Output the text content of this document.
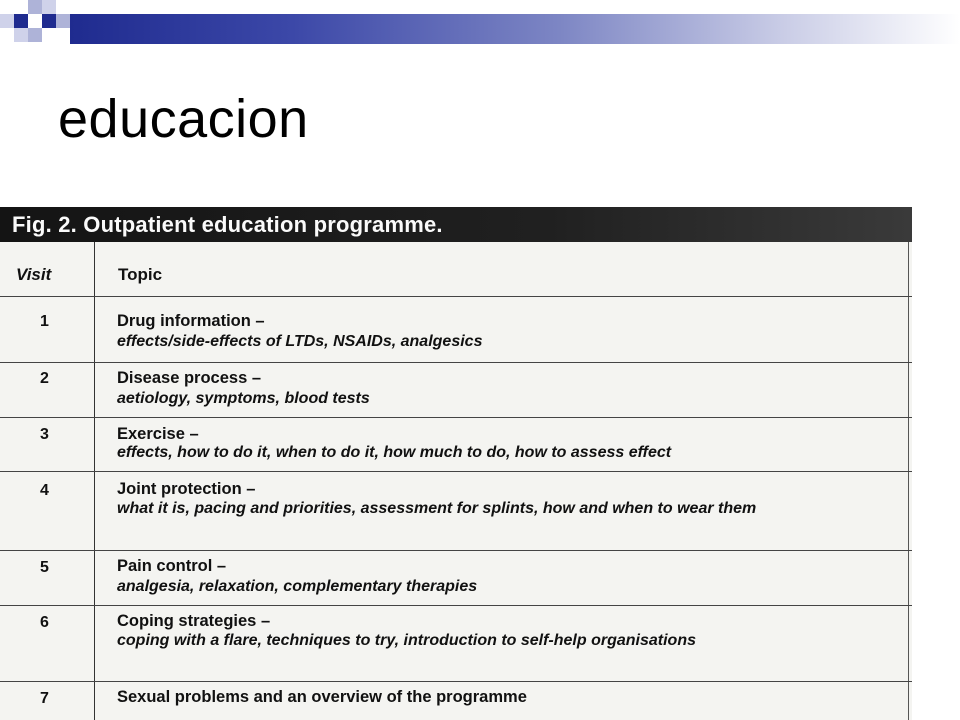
educacion
Fig. 2. Outpatient education programme.
Visit	Topic
1	Drug information –
effects/side-effects of LTDs, NSAIDs, analgesics
2	Disease process –
aetiology, symptoms, blood tests
3	Exercise –
effects, how to do it, when to do it, how much to do, how to assess effect
4	Joint protection –
what it is, pacing and priorities, assessment for splints, how and when to wear them
5	Pain control –
analgesia, relaxation, complementary therapies
6	Coping strategies –
coping with a flare, techniques to try, introduction to self-help organisations
7	Sexual problems and an overview of the programme
